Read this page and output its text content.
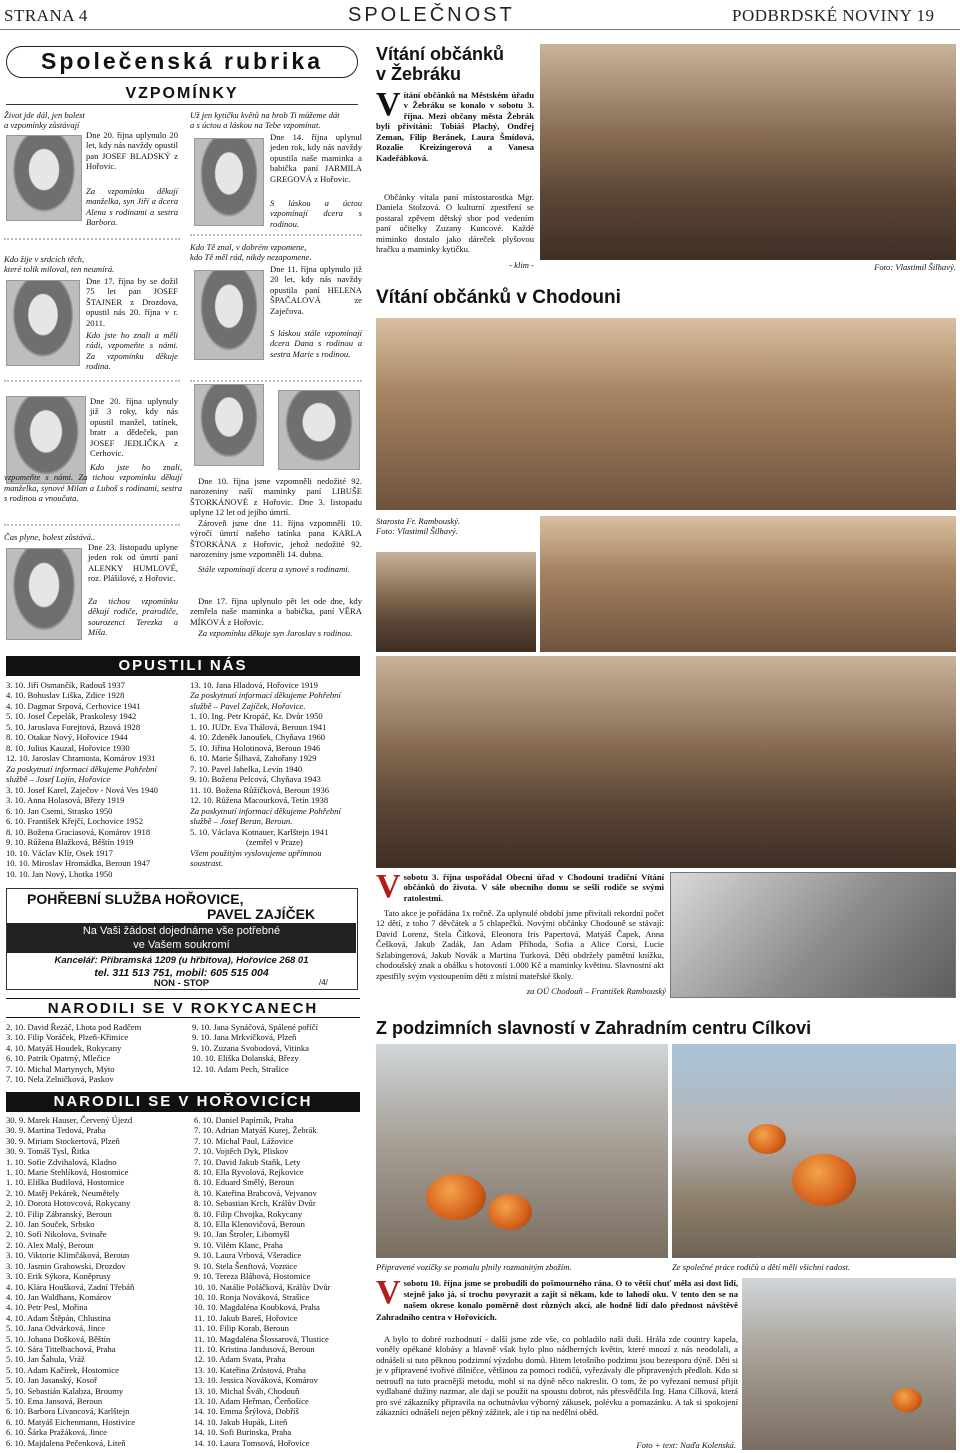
STRANA 4	SPOLEČNOST	PODBRDSKÉ NOVINY 19
Společenská rubrika
VZPOMÍNKY
Život jde dál, jen bolest
a vzpomínky zůstávají
Dne 20. října uplynulo 20 let, kdy nás navždy opustil pan JOSEF BLADSKÝ z Hořovic.
Za vzpomínku děkují manželka, syn Jiří a dcera Alena s rodinami a sestra Barbora.
Kdo žije v srdcích těch,
které tolik miloval, ten neumírá.
Dne 17. října by se dožil 75 let pan JOSEF ŠTAJNER z Drozdova, opustil nás 20. října v r. 2011.
Kdo jste ho znali a měli rádi, vzpomeňte s námi. Za vzpomínku děkuje rodina.
Už jen kytičku květů na hrob Ti můžeme dát
a s úctou a láskou na Tebe vzpomínat.
Dne 14. října uplynul jeden rok, kdy nás navždy opustila naše maminka a babička paní JARMILA GREGOVÁ z Hořovic.
S láskou a úctou vzpomínají dcera s rodinou.
Kdo Tě znal, v dobrém vzpomene,
kdo Tě měl rád, nikdy nezapomene.
Dne 11. října uplynulo již 20 let, kdy nás navždy opustila paní HELENA ŠPAČALOVÁ ze Zaječova.
S láskou stále vzpomínají dcera Dana s rodinou a sestra Marie s rodinou.
Dne 20. října uplynuly již 3 roky, kdy nás opustil manžel, tatínek, bratr a dědeček, pan JOSEF JEDLIČKA z Cerhovic.
Kdo jste ho znali, vzpomeňte s námi. Za tichou vzpomínku děkují manželka, synové Milan a Luboš s rodinami, sestra s rodinou a vnoučata.
Čas plyne, bolest zůstává..
Dne 23. listopadu uplyne jeden rok od úmrtí paní ALENKY HUMLOVÉ, roz. Plášilové, z Hořovic.
Za tichou vzpomínku děkují rodiče, prarodiče, sourozenci Terezka a Míša.
Dne 10. října jsme vzpomněli nedožité 92. narozeniny naší maminky paní LIBUŠE ŠTORKÁNOVÉ z Hořovic. Dne 3. listopadu uplyne 12 let od jejího úmrtí.
Zároveň jsme dne 11. října vzpomněli 10. výročí úmrtí našeho tatínka pana KARLA ŠTORKÁNA z Hořovic, jehož nedožité 92. narozeniny jsme vzpomněli 14. dubna.
Stále vzpomínají dcera a synové s rodinami.
Dne 17. října uplynulo pět let ode dne, kdy zemřela naše maminka a babička, paní VĚRA MÍKOVÁ z Hořovic.
Za vzpomínku děkuje syn Jaroslav s rodinou.
OPUSTILI NÁS
3. 10. Jiří Osmančík, Radouš 1937
4. 10. Bohuslav Liška, Zdice 1928
4. 10. Dagmar Srpová, Cerhovice 1941
5. 10. Josef Čepelák, Praskolesy 1942
5. 10. Jaroslava Forejtová, Bzová 1928
8. 10. Otakar Nový, Hořovice 1944
8. 10. Julius Kauzal, Hořovice 1930
12. 10. Jaroslav Chramosta, Komárov 1931
Za poskytnutí informací děkujeme Pohřební
službě – Josef Lojín, Hořovice
3. 10. Josef Karel, Zaječov - Nová Ves 1940
3. 10. Anna Holasová, Březy 1919
6. 10. Jan Csemi, Strasko 1950
6. 10. František Křejčí, Lochovice 1952
8. 10. Božena Graciasová, Komárov 1918
9. 10. Růžena Blažková, Běštín 1919
10. 10. Václav Klír, Osek 1917
10. 10. Miroslav Hromádka, Beroun 1947
10. 10. Jan Nový, Lhotka 1950
13. 10. Jana Hladová, Hořovice 1919
Za poskytnutí informací děkujeme Pohřební
službě – Pavel Zajíček, Hořovice.
1. 10. Ing. Petr Kropáč, Kr. Dvůr 1950
1. 10. JUDr. Eva Thálová, Beroun 1941
4. 10. Zdeněk Janoušek, Chyňava 1960
5. 10. Jiřina Holotinová, Beroun 1946
6. 10. Marie Šilhavá, Zahořany 1929
7. 10. Pavel Jahelka, Levín 1940
9. 10. Božena Pelcová, Chyňava 1943
11. 10. Božena Růžičková, Beroun 1936
12. 10. Růžena Macourková, Tetín 1938
Za poskytnutí informací děkujeme Pohřební
službě – Josef Beran, Beroun.
5. 10. Václava Kotnauer, Karlštejn 1941
(zemřel v Praze)
Všem použitým vyslovujeme upřímnou
soustrast.
POHŘEBNÍ SLUŽBA HOŘOVICE,
PAVEL ZAJÍČEK
Na Vaši žádost dojednáme vše potřebné
ve Vašem soukromí
Kancelář: Příbramská 1209 (u hřbitova), Hořovice 268 01
tel. 311 513 751, mobil: 605 515 004
NON - STOP	/4/
NARODILI SE V ROKYCANECH
2. 10. David Řezáč, Lhota pod Radčem
3. 10. Filip Voráček, Plzeň-Křimice
4. 10. Matyáš Houdek, Rokycany
6. 10. Patrik Opatrný, Mlečice
7. 10. Michal Martynych, Mýto
7. 10. Nela Zelničková, Paskov
9. 10. Jana Synáčová, Spálené poříčí
9. 10. Jana Mrkvičková, Plzeň
9. 10. Zuzana Svobodová, Vitinka
10. 10. Eliška Dolanská, Březy
12. 10. Adam Pech, Strašice
NARODILI SE V HOŘOVICÍCH
30. 9. Marek Hauser, Červený Újezd
30. 9. Martina Tedová, Praha
30. 9. Miriam Stockertová, Plzeň
30. 9. Tomáš Tysl, Řitka
1. 10. Sofie Zdvihalová, Kladno
1. 10. Marie Stehlíková, Hostomice
1. 10. Eliška Budilová, Hostomice
2. 10. Matěj Pekárek, Neumětely
2. 10. Dorota Hotovcová, Rokycany
2. 10. Filip Zábranský, Beroun
2. 10. Jan Souček, Srbsko
2. 10. Sofi Nikolova, Svinaře
2. 10. Alex Malý, Beroun
3. 10. Viktorie Klimčáková, Beroun
3. 10. Jasmin Grabowski, Drozdov
3. 10. Erik Sýkora, Koněprusy
4. 10. Klára Houšková, Zadní Třebáň
4. 10. Jan Waldhans, Komárov
4. 10. Petr Pesl, Mořina
4. 10. Adam Štěpán, Chlustina
5. 10. Jana Odvárková, Jince
5. 10. Johana Došková, Běštín
5. 10. Sára Tittelbachová, Praha
5. 10. Jan Šahula, Vráž
5. 10. Adam Kačírek, Hostomice
5. 10. Jan Jasanský, Kosoř
5. 10. Sebastián Kalabza, Broumy
5. 10. Ema Jansová, Beroun
6. 10. Barbora Lívancová, Karlštejn
6. 10. Matyáš Eichenmann, Hostivice
6. 10. Šárka Pražáková, Jince
6. 10. Majdalena Pečenková, Liteň
6. 10. Daniel Papírník, Praha
7. 10. Adrian Matyáš Kurej, Žebrák
7. 10. Michal Paul, Lážovice
7. 10. Vojtěch Dyk, Pliskov
7. 10. David Jakub Staňk, Lety
8. 10. Ella Ryvolová, Rejkovice
8. 10. Eduard Smělý, Beroun
8. 10. Kateřina Brabcová, Vejvanov
8. 10. Sebastian Krch, Králův Dvůr
8. 10. Filip Chvojka, Rokycany
8. 10. Ella Klenovičová, Beroun
9. 10. Jan Štroler, Libomyšl
9. 10. Vilém Klanc, Praha
9. 10. Laura Vrbová, Všeradice
9. 10. Stela Šenftová, Voznice
9. 10. Tereza Bláhová, Hostomice
10. 10. Natálie Poláčková, Králův Dvůr
10. 10. Ronja Nováková, Strašice
10. 10. Magdaléna Koubková, Praha
11. 10. Jakub Bareš, Hořovice
11. 10. Filip Korab, Beroun
11. 10. Magdaléna Šlossarová, Tlustice
11. 10. Kristina Jandusová, Beroun
12. 10. Adam Svata, Praha
13. 10. Kateřina Zrůstová, Praha
13. 10. Jessica Nováková, Komárov
13. 10. Michal Šváb, Chodouň
13. 10. Adam Heřman, Čerňošice
14. 10. Emma Šrýlová, Dobříš
14. 10. Jakub Hupák, Liteň
14. 10. Sofi Burinska, Praha
14. 10. Laura Tomsová, Hořovice
Vítání občánků
v Žebráku
Vítání občánků na Městském úřadu v Žebráku se konalo v sobotu 3. října. Mezi občany města Žebrák byli přivítáni: Tobiáš Plachý, Ondřej Zeman, Filip Beránek, Laura Šmídová, Rozalie Kreizingerová a Vanesa Kadeřábková.
Občánky vítala paní místostarostka Mgr. Daniela Stolzová. O kulturní zpestření se postaral zpěvem dětský sbor pod vedením paní učitelky Zuzany Kuncové. Každé miminko dostalo jako dáreček plyšovou hračku a maminky kytičku.
- klim -	Foto: Vlastimil Šilhavý.
Vítání občánků v Chodouni
Starosta Fr. Rambouský.
Foto: Vlastimil Šilhavý.
Vsobotu 3. října uspořádal Obecní úřad v Chodouni tradiční Vítání občánků do života. V sále obecního domu se sešli rodiče se svými ratolestmi.
Tato akce je pořádána 1x ročně. Za uplynulé období jsme přivítali rekordní počet 12 dětí, z toho 7 děvčátek a 5 chlapečků. Novými občánky Chodouně se stávají: David Lorenz, Stela Čítková, Eleonora Iris Papertová, Matyáš Čapek, Anna Češková, Jakub Zadák, Jan Adam Příhoda, Sofia a Alice Corsi, Lucie Szlabingerová, Jakub Novák a Martina Turková. Děti obdržely pamětní knížku, chodoušský znak a obálku s hotovostí 1.000 Kč a maminky květinu. Slavnostní akt zpestřily svým vystoupením děti z místní mateřské školy.
za OÚ Chodouň – František Rambouský
Z podzimních slavností v Zahradním centru Cílkovi
Připravené vozíčky se pomalu plnily rozmanitým zbožím.	Ze společné práce rodičů a dětí měli všichni radost.
Vsobotu 10. října jsme se probudili do pošmourného rána. O to větší chuť měla asi dost lidí, stejně jako já, si trochu povyrazit a zajít si někam, kde to lahodí oku. V tento den se na našem okrese konalo poměrně dost různých akcí, ale hodně lidí dalo přednost návštěvě Zahradního centra v Hořovicích.
A bylo to dobré rozhodnutí - další jsme zde vše, co pohladilo naši duši. Hrála zde country kapela, voněly opékané klobásy a hlavně však bylo plno nádherných květin, které mnozí z nás neodolali, a odnášeli si tuto pěknou podzimní výzdobu domů. Hitem letošního podzimu jsou bezesporu dýně. Děti si je v připravené tvořivé dílničce, většinou za pomoci rodičů, vyřezávaly dle připravených předloh. Kdo si netroufl na tuto pracnější metodu, mohl si na dýně něco nakreslit. O tom, že po vyřezaní nemusí přijít vydlabané dužiny nazmar, ale dají se použít na spoustu dobrot, nás přesvědčila Ing. Hana Cílková, která pro své zákazníky připravila na ochutnávku výborný zákusek, polévku a pomazánku. A tak si spokojení zákazníci odnášeli nejen pěkný zážitek, ale i tip na nedělní oběd.
Foto + text: Naďa Kolenská.
